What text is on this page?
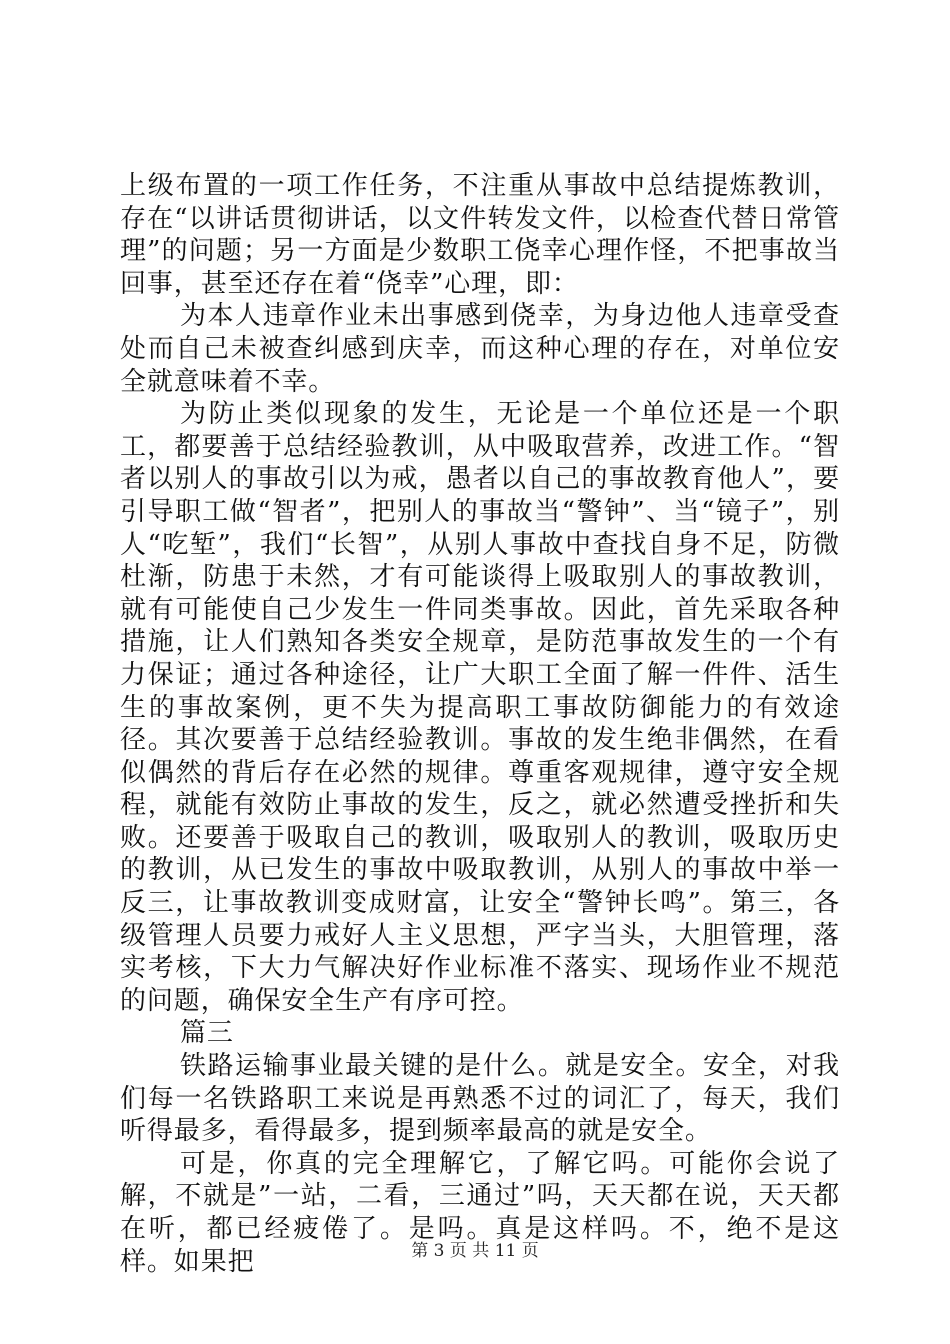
上级布置的一项工作任务，不注重从事故中总结提炼教训，存在“以讲话贯彻讲话，以文件转发文件，以检查代替日常管理”的问题；另一方面是少数职工侥幸心理作怪，不把事故当回事，甚至还存在着“侥幸”心理，即：

为本人违章作业未出事感到侥幸，为身边他人违章受查处而自己未被查纠感到庆幸，而这种心理的存在，对单位安全就意味着不幸。

为防止类似现象的发生，无论是一个单位还是一个职工，都要善于总结经验教训，从中吸取营养，改进工作。“智者以别人的事故引以为戒，愚者以自己的事故教育他人”，要引导职工做“智者”，把别人的事故当“警钟”、当“镜子”，别人“吃堑”，我们“长智”，从别人事故中查找自身不足，防微杜渐，防患于未然，才有可能谈得上吸取别人的事故教训，就有可能使自己少发生一件同类事故。因此，首先采取各种措施，让人们熟知各类安全规章，是防范事故发生的一个有力保证；通过各种途径，让广大职工全面了解一件件、活生生的事故案例，更不失为提高职工事故防御能力的有效途径。其次要善于总结经验教训。事故的发生绝非偶然，在看似偶然的背后存在必然的规律。尊重客观规律，遵守安全规程，就能有效防止事故的发生，反之，就必然遭受挫折和失败。还要善于吸取自己的教训，吸取别人的教训，吸取历史的教训，从已发生的事故中吸取教训，从别人的事故中举一反三，让事故教训变成财富，让安全“警钟长鸣”。第三，各级管理人员要力戒好人主义思想，严字当头，大胆管理，落实考核，下大力气解决好作业标准不落实、现场作业不规范的问题，确保安全生产有序可控。

篇三

铁路运输事业最关键的是什么。就是安全。安全，对我们每一名铁路职工来说是再熟悉不过的词汇了，每天，我们听得最多，看得最多，提到频率最高的就是安全。

可是，你真的完全理解它，了解它吗。可能你会说了解，不就是”一站，二看，三通过”吗，天天都在说，天天都在听，都已经疲倦了。是吗。真是这样吗。不，绝不是这样。如果把	第 3 页 共 11 页
